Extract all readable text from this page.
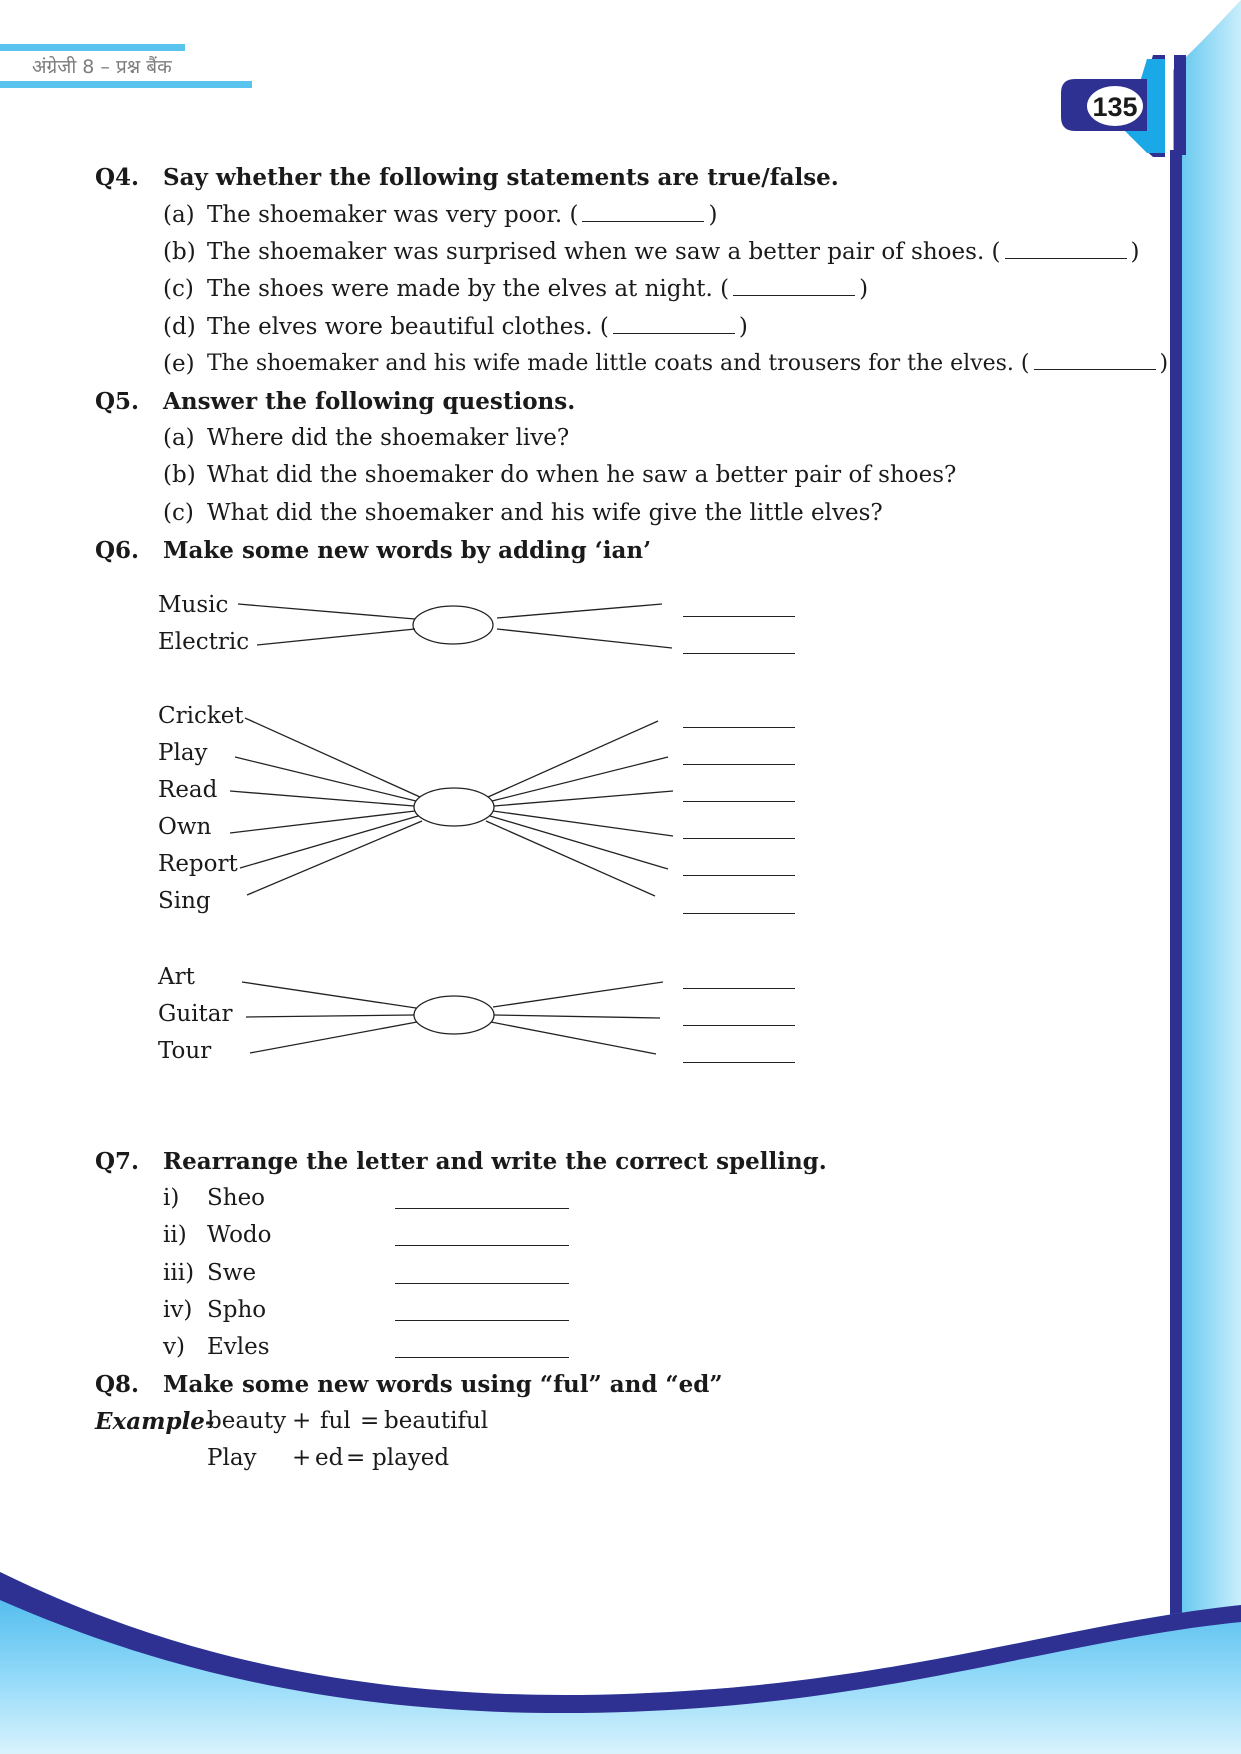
अंग्रेजी 8 – प्रश्न बैंक
135
Q4. Say whether the following statements are true/false.
(a) The shoemaker was very poor. (	)
(b) The shoemaker was surprised when we saw a better pair of shoes. (	)
(c) The shoes were made by the elves at night. (	)
(d) The elves wore beautiful clothes. (	)
(e) The shoemaker and his wife made little coats and trousers for the elves. (	)
Q5. Answer the following questions.
(a) Where did the shoemaker live?
(b) What did the shoemaker do when he saw a better pair of shoes?
(c) What did the shoemaker and his wife give the little elves?
Q6. Make some new words by adding ‘ian’
Music
Electric
Cricket
Play
Read
Own
Report
Sing
Art
Guitar
Tour
Q7. Rearrange the letter and write the correct spelling.
i) Sheo
ii) Wodo
iii) Swe
iv) Spho
v) Evles
Q8. Make some new words using “ful” and “ed”
Example-
beauty + ful = beautiful
Play + ed = played
